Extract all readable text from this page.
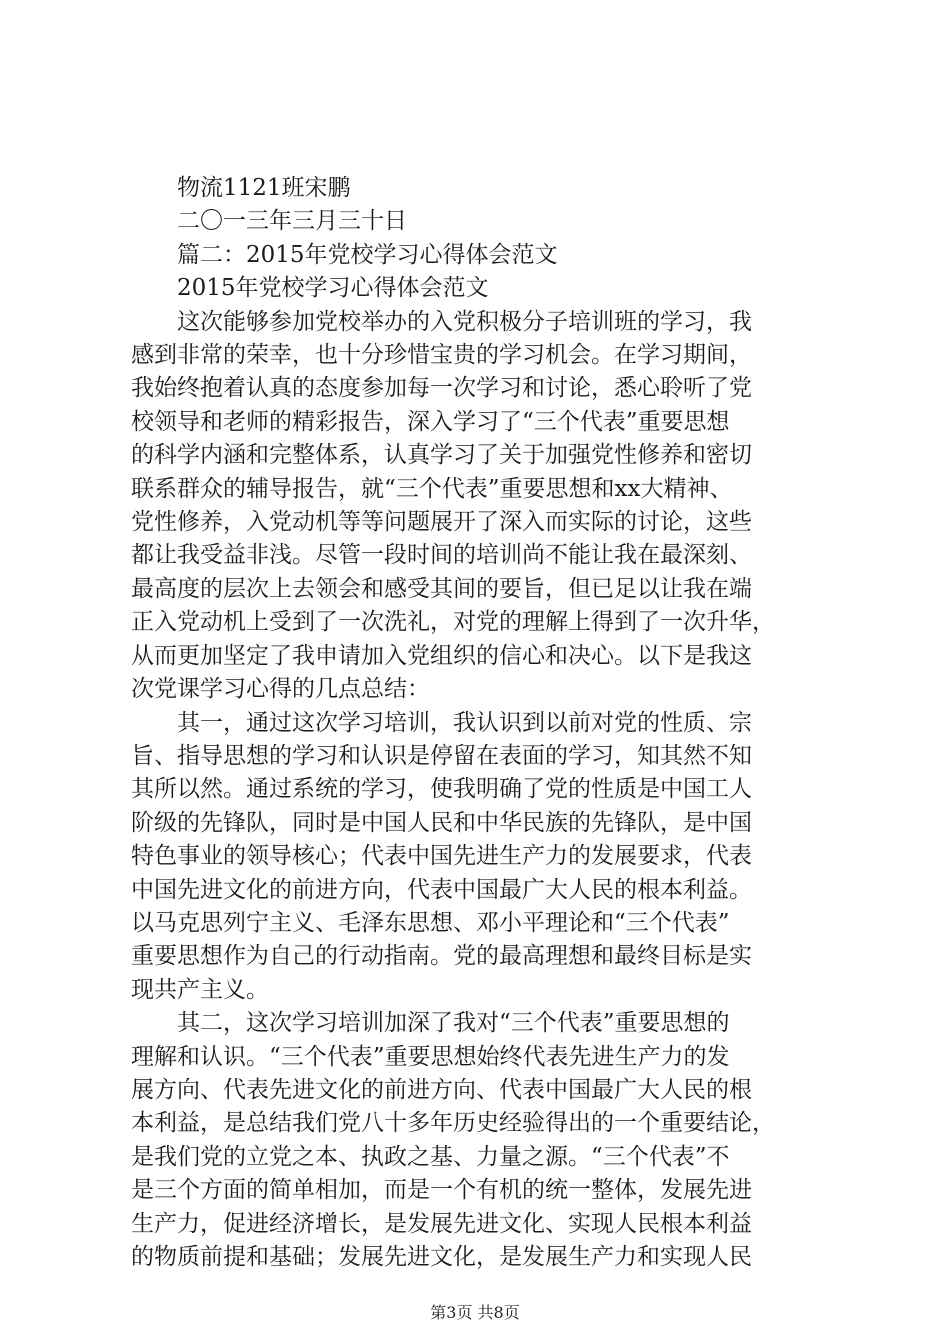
物流1121班宋鹏
二〇一三年三月三十日
篇二：2015年党校学习心得体会范文
2015年党校学习心得体会范文
这次能够参加党校举办的入党积极分子培训班的学习，我
感到非常的荣幸，也十分珍惜宝贵的学习机会。在学习期间，
我始终抱着认真的态度参加每一次学习和讨论，悉心聆听了党
校领导和老师的精彩报告，深入学习了“三个代表”重要思想
的科学内涵和完整体系，认真学习了关于加强党性修养和密切
联系群众的辅导报告，就“三个代表”重要思想和xx大精神、
党性修养，入党动机等等问题展开了深入而实际的讨论，这些
都让我受益非浅。尽管一段时间的培训尚不能让我在最深刻、
最高度的层次上去领会和感受其间的要旨，但已足以让我在端
正入党动机上受到了一次洗礼，对党的理解上得到了一次升华，
从而更加坚定了我申请加入党组织的信心和决心。以下是我这
次党课学习心得的几点总结：
其一，通过这次学习培训，我认识到以前对党的性质、宗
旨、指导思想的学习和认识是停留在表面的学习，知其然不知
其所以然。通过系统的学习，使我明确了党的性质是中国工人
阶级的先锋队，同时是中国人民和中华民族的先锋队，是中国
特色事业的领导核心；代表中国先进生产力的发展要求，代表
中国先进文化的前进方向，代表中国最广大人民的根本利益。
以马克思列宁主义、毛泽东思想、邓小平理论和“三个代表”
重要思想作为自己的行动指南。党的最高理想和最终目标是实
现共产主义。
其二，这次学习培训加深了我对“三个代表”重要思想的
理解和认识。“三个代表”重要思想始终代表先进生产力的发
展方向、代表先进文化的前进方向、代表中国最广大人民的根
本利益，是总结我们党八十多年历史经验得出的一个重要结论，
是我们党的立党之本、执政之基、力量之源。“三个代表”不
是三个方面的简单相加，而是一个有机的统一整体，发展先进
生产力，促进经济增长，是发展先进文化、实现人民根本利益
的物质前提和基础；发展先进文化，是发展生产力和实现人民
第3页 共8页
